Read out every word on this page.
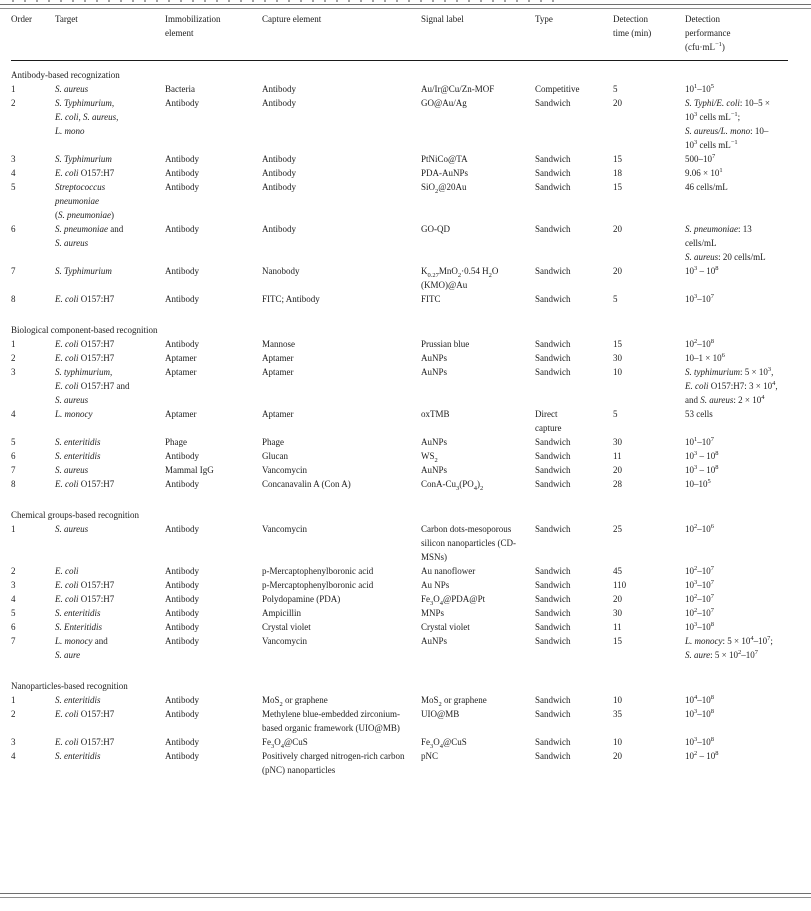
Order	Target	Immobilization
element	Capture element	Signal label	Type	Detection
time (min)	Detection
performance
$(cfu\cdot mL^{-1})$
Antibody-based recognization							
1	S. aureus	Bacteria	Antibody	Au/Ir@Cu/Zn-MOF	Competitive	5	$10^1-10^5$
2	S. Typhimurium,
E. coli, S. aureus,
L. mono	Antibody	Antibody	GO@Au/Ag	Sandwich	20	S. Typhi/E. coli: $10-5 \times 10^3$ cells $mL^{-1}$;
S. aureus/L. mono: $10-10^3$ cells $mL^{-1}$
3	S. Typhimurium	Antibody	Antibody	PtNiCo@TA	Sandwich	15	$500-10^7$
4	E. coli O157:H7	Antibody	Antibody	PDA-AuNPs	Sandwich	18	$9.06 \times 10^1$
5	Streptococcus
pneumoniae
(S. pneumoniae)	Antibody	Antibody	SiO$_2$@20Au	Sandwich	15	46 cells/mL
6	S. pneumoniae and
S. aureus	Antibody	Antibody	GO-QD	Sandwich	20	S. pneumoniae: 13 cells/mL
S. aureus: 20 cells/mL
7	S. Typhimurium	Antibody	Nanobody	$K_{0.27}MnO_2\cdot 0.54$ $H_2O$ (KMO)@Au	Sandwich	20	$10^3 - 10^8$
8	E. coli O157:H7	Antibody	FITC; Antibody	FITC	Sandwich	5	$10^3-10^7$
Biological component-based recognition							
1	E. coli O157:H7	Antibody	Mannose	Prussian blue	Sandwich	15	$10^2-10^8$
2	E. coli O157:H7	Aptamer	Aptamer	AuNPs	Sandwich	30	$10-1 \times 10^6$
3	S. typhimurium,
E. coli O157:H7 and
S. aureus	Aptamer	Aptamer	AuNPs	Sandwich	10	S. typhimurium: $5 \times 10^3$, E. coli O157:H7: $3 \times 10^4$, and S. aureus: $2 \times 10^4$
4	L. monocy	Aptamer	Aptamer	oxTMB	Direct
capture	5	53 cells
5	S. enteritidis	Phage	Phage	AuNPs	Sandwich	30	$10^1-10^7$
6	S. enteritidis	Antibody	Glucan	$WS_2$	Sandwich	11	$10^3 - 10^8$
7	S. aureus	Mammal IgG	Vancomycin	AuNPs	Sandwich	20	$10^3 - 10^8$
8	E. coli O157:H7	Antibody	Concanavalin A (Con A)	ConA-$Cu_3(PO_4)_2$	Sandwich	28	$10-10^5$
Chemical groups-based recognition							
1	S. aureus	Antibody	Vancomycin	Carbon dots-mesoporous silicon nanoparticles (CD-MSNs)	Sandwich	25	$10^2-10^6$
2	E. coli	Antibody	p-Mercaptophenylboronic acid	Au nanoflower	Sandwich	45	$10^2-10^7$
3	E. coli O157:H7	Antibody	p-Mercaptophenylboronic acid	Au NPs	Sandwich	110	$10^3-10^7$
4	E. coli O157:H7	Antibody	Polydopamine (PDA)	$Fe_3O_4@PDA@Pt$	Sandwich	20	$10^2-10^7$
5	S. enteritidis	Antibody	Ampicillin	MNPs	Sandwich	30	$10^2-10^7$
6	S. Enteritidis	Antibody	Crystal violet	Crystal violet	Sandwich	11	$10^3-10^8$
7	L. monocy and
S. aure	Antibody	Vancomycin	AuNPs	Sandwich	15	L. monocy: $5 \times 10^4-10^7$; S. aure: $5 \times 10^2-10^7$
Nanoparticles-based recognition							
1	S. enteritidis	Antibody	MoS$_2$ or graphene	MoS$_2$ or graphene	Sandwich	10	$10^4-10^8$
2	E. coli O157:H7	Antibody	Methylene blue-embedded zirconium-based organic framework (UIO@MB)	UIO@MB	Sandwich	35	$10^3-10^8$
3	E. coli O157:H7	Antibody	$Fe_3O_4@CuS$	$Fe_3O_4@CuS$	Sandwich	10	$10^3-10^8$
4	S. enteritidis	Antibody	Positively charged nitrogen-rich carbon (pNC) nanoparticles	pNC	Sandwich	20	$10^2 - 10^8$
